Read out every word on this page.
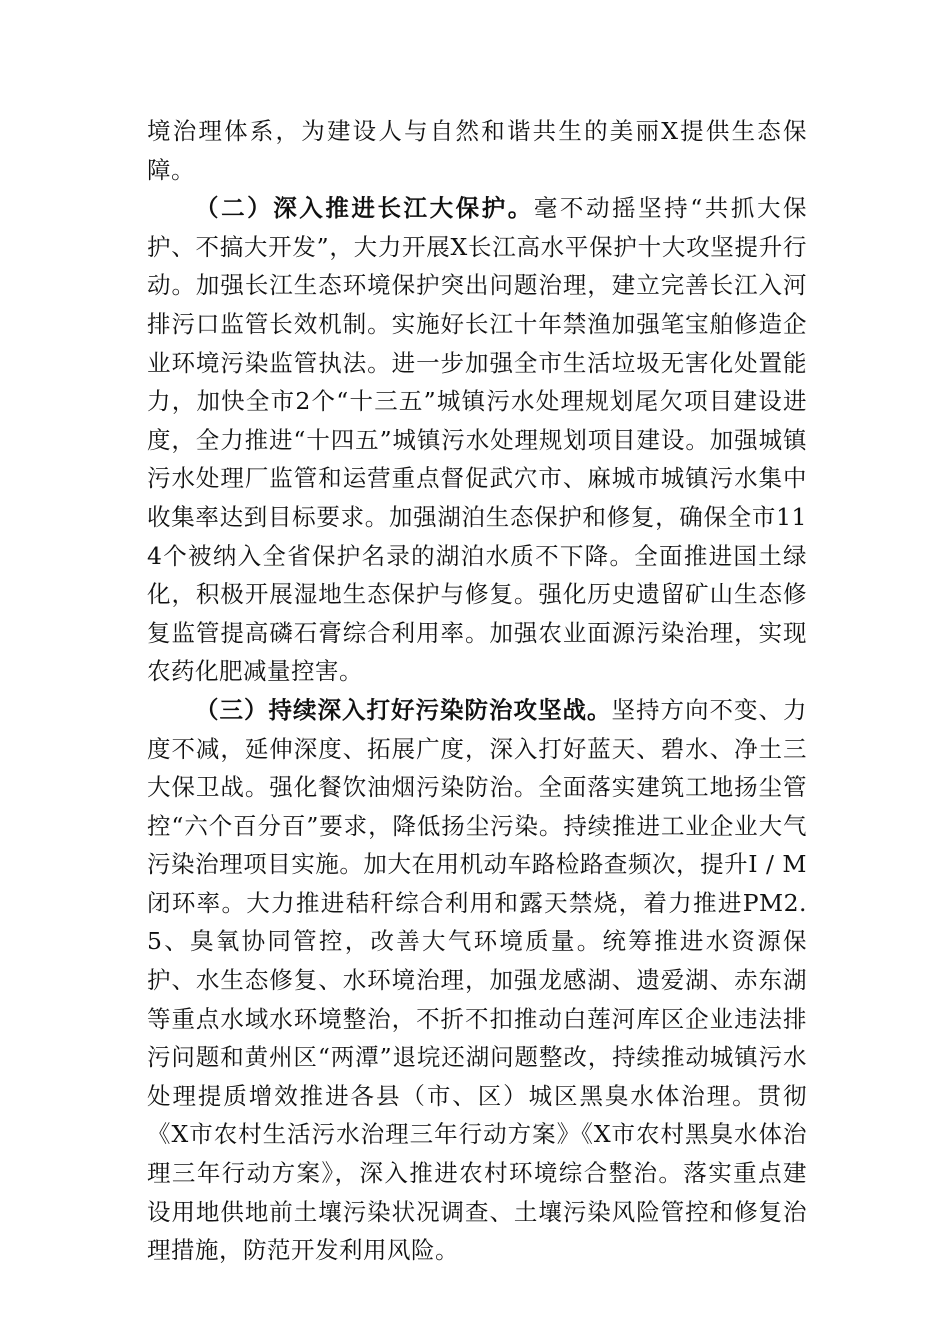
境治理体系，为建设人与自然和谐共生的美丽X提供生态保障。

（二）深入推进长江大保护。毫不动摇坚持“共抓大保护、不搞大开发”，大力开展X长江高水平保护十大攻坚提升行动。加强长江生态环境保护突出问题治理，建立完善长江入河排污口监管长效机制。实施好长江十年禁渔加强笔宝舶修造企业环境污染监管执法。进一步加强全市生活垃圾无害化处置能力，加快全市2个“十三五”城镇污水处理规划尾欠项目建设进度，全力推进“十四五”城镇污水处理规划项目建设。加强城镇污水处理厂监管和运营重点督促武穴市、麻城市城镇污水集中收集率达到目标要求。加强湖泊生态保护和修复，确保全市114个被纳入全省保护名录的湖泊水质不下降。全面推进国土绿化，积极开展湿地生态保护与修复。强化历史遗留矿山生态修复监管提高磷石膏综合利用率。加强农业面源污染治理，实现农药化肥减量控害。

（三）持续深入打好污染防治攻坚战。坚持方向不变、力度不减，延伸深度、拓展广度，深入打好蓝天、碧水、净土三大保卫战。强化餐饮油烟污染防治。全面落实建筑工地扬尘管控“六个百分百”要求，降低扬尘污染。持续推进工业企业大气污染治理项目实施。加大在用机动车路检路查频次，提升I / M闭环率。大力推进秸秆综合利用和露天禁烧，着力推进PM2.5、臭氧协同管控，改善大气环境质量。统筹推进水资源保护、水生态修复、水环境治理，加强龙感湖、遗爱湖、赤东湖等重点水域水环境整治，不折不扣推动白莲河库区企业违法排污问题和黄州区“两潭”退垸还湖问题整改，持续推动城镇污水处理提质增效推进各县（市、区）城区黑臭水体治理。贯彻《X市农村生活污水治理三年行动方案》《X市农村黑臭水体治理三年行动方案》，深入推进农村环境综合整治。落实重点建设用地供地前土壤污染状况调查、土壤污染风险管控和修复治理措施，防范开发利用风险。
